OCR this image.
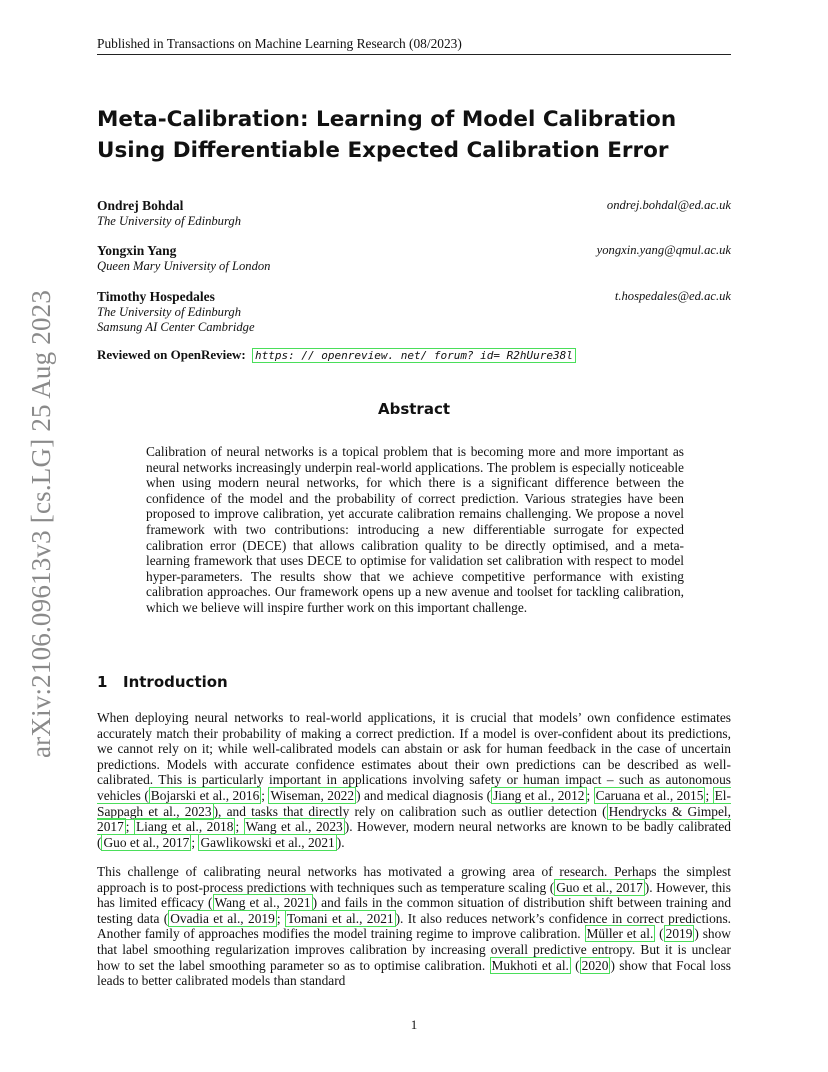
Published in Transactions on Machine Learning Research (08/2023)
arXiv:2106.09613v3 [cs.LG] 25 Aug 2023
Meta-Calibration: Learning of Model Calibration
Using Differentiable Expected Calibration Error
Ondrej Bohdal
The University of Edinburgh
ondrej.bohdal@ed.ac.uk
Yongxin Yang
Queen Mary University of London
yongxin.yang@qmul.ac.uk
Timothy Hospedales
The University of Edinburgh
Samsung AI Center Cambridge
t.hospedales@ed.ac.uk
Reviewed on OpenReview: https: // openreview. net/ forum? id= R2hUure38l
Abstract
Calibration of neural networks is a topical problem that is becoming more and more important as neural networks increasingly underpin real-world applications. The problem is especially noticeable when using modern neural networks, for which there is a significant difference between the confidence of the model and the probability of correct prediction. Various strategies have been proposed to improve calibration, yet accurate calibration remains challenging. We propose a novel framework with two contributions: introducing a new differentiable surrogate for expected calibration error (DECE) that allows calibration quality to be directly optimised, and a meta-learning framework that uses DECE to optimise for validation set calibration with respect to model hyper-parameters. The results show that we achieve competitive performance with existing calibration approaches. Our framework opens up a new avenue and toolset for tackling calibration, which we believe will inspire further work on this important challenge.
1 Introduction
When deploying neural networks to real-world applications, it is crucial that models’ own confidence estimates accurately match their probability of making a correct prediction. If a model is over-confident about its predictions, we cannot rely on it; while well-calibrated models can abstain or ask for human feedback in the case of uncertain predictions. Models with accurate confidence estimates about their own predictions can be described as well-calibrated. This is particularly important in applications involving safety or human impact – such as autonomous vehicles ( Bojarski et al., 2016 ; Wiseman, 2022 ) and medical diagnosis ( Jiang et al., 2012 ; Caruana et al., 2015 ; El-Sappagh et al., 2023 ), and tasks that directly rely on calibration such as outlier detection ( Hendrycks & Gimpel, 2017 ; Liang et al., 2018 ; Wang et al., 2023 ). However, modern neural networks are known to be badly calibrated ( Guo et al., 2017 ; Gawlikowski et al., 2021 ).
This challenge of calibrating neural networks has motivated a growing area of research. Perhaps the simplest approach is to post-process predictions with techniques such as temperature scaling ( Guo et al., 2017 ). However, this has limited efficacy ( Wang et al., 2021 ) and fails in the common situation of distribution shift between training and testing data ( Ovadia et al., 2019 ; Tomani et al., 2021 ). It also reduces network’s confidence in correct predictions. Another family of approaches modifies the model training regime to improve calibration. Müller et al. ( 2019 ) show that label smoothing regularization improves calibration by increasing overall predictive entropy. But it is unclear how to set the label smoothing parameter so as to optimise calibration. Mukhoti et al. ( 2020 ) show that Focal loss leads to better calibrated models than standard
1
